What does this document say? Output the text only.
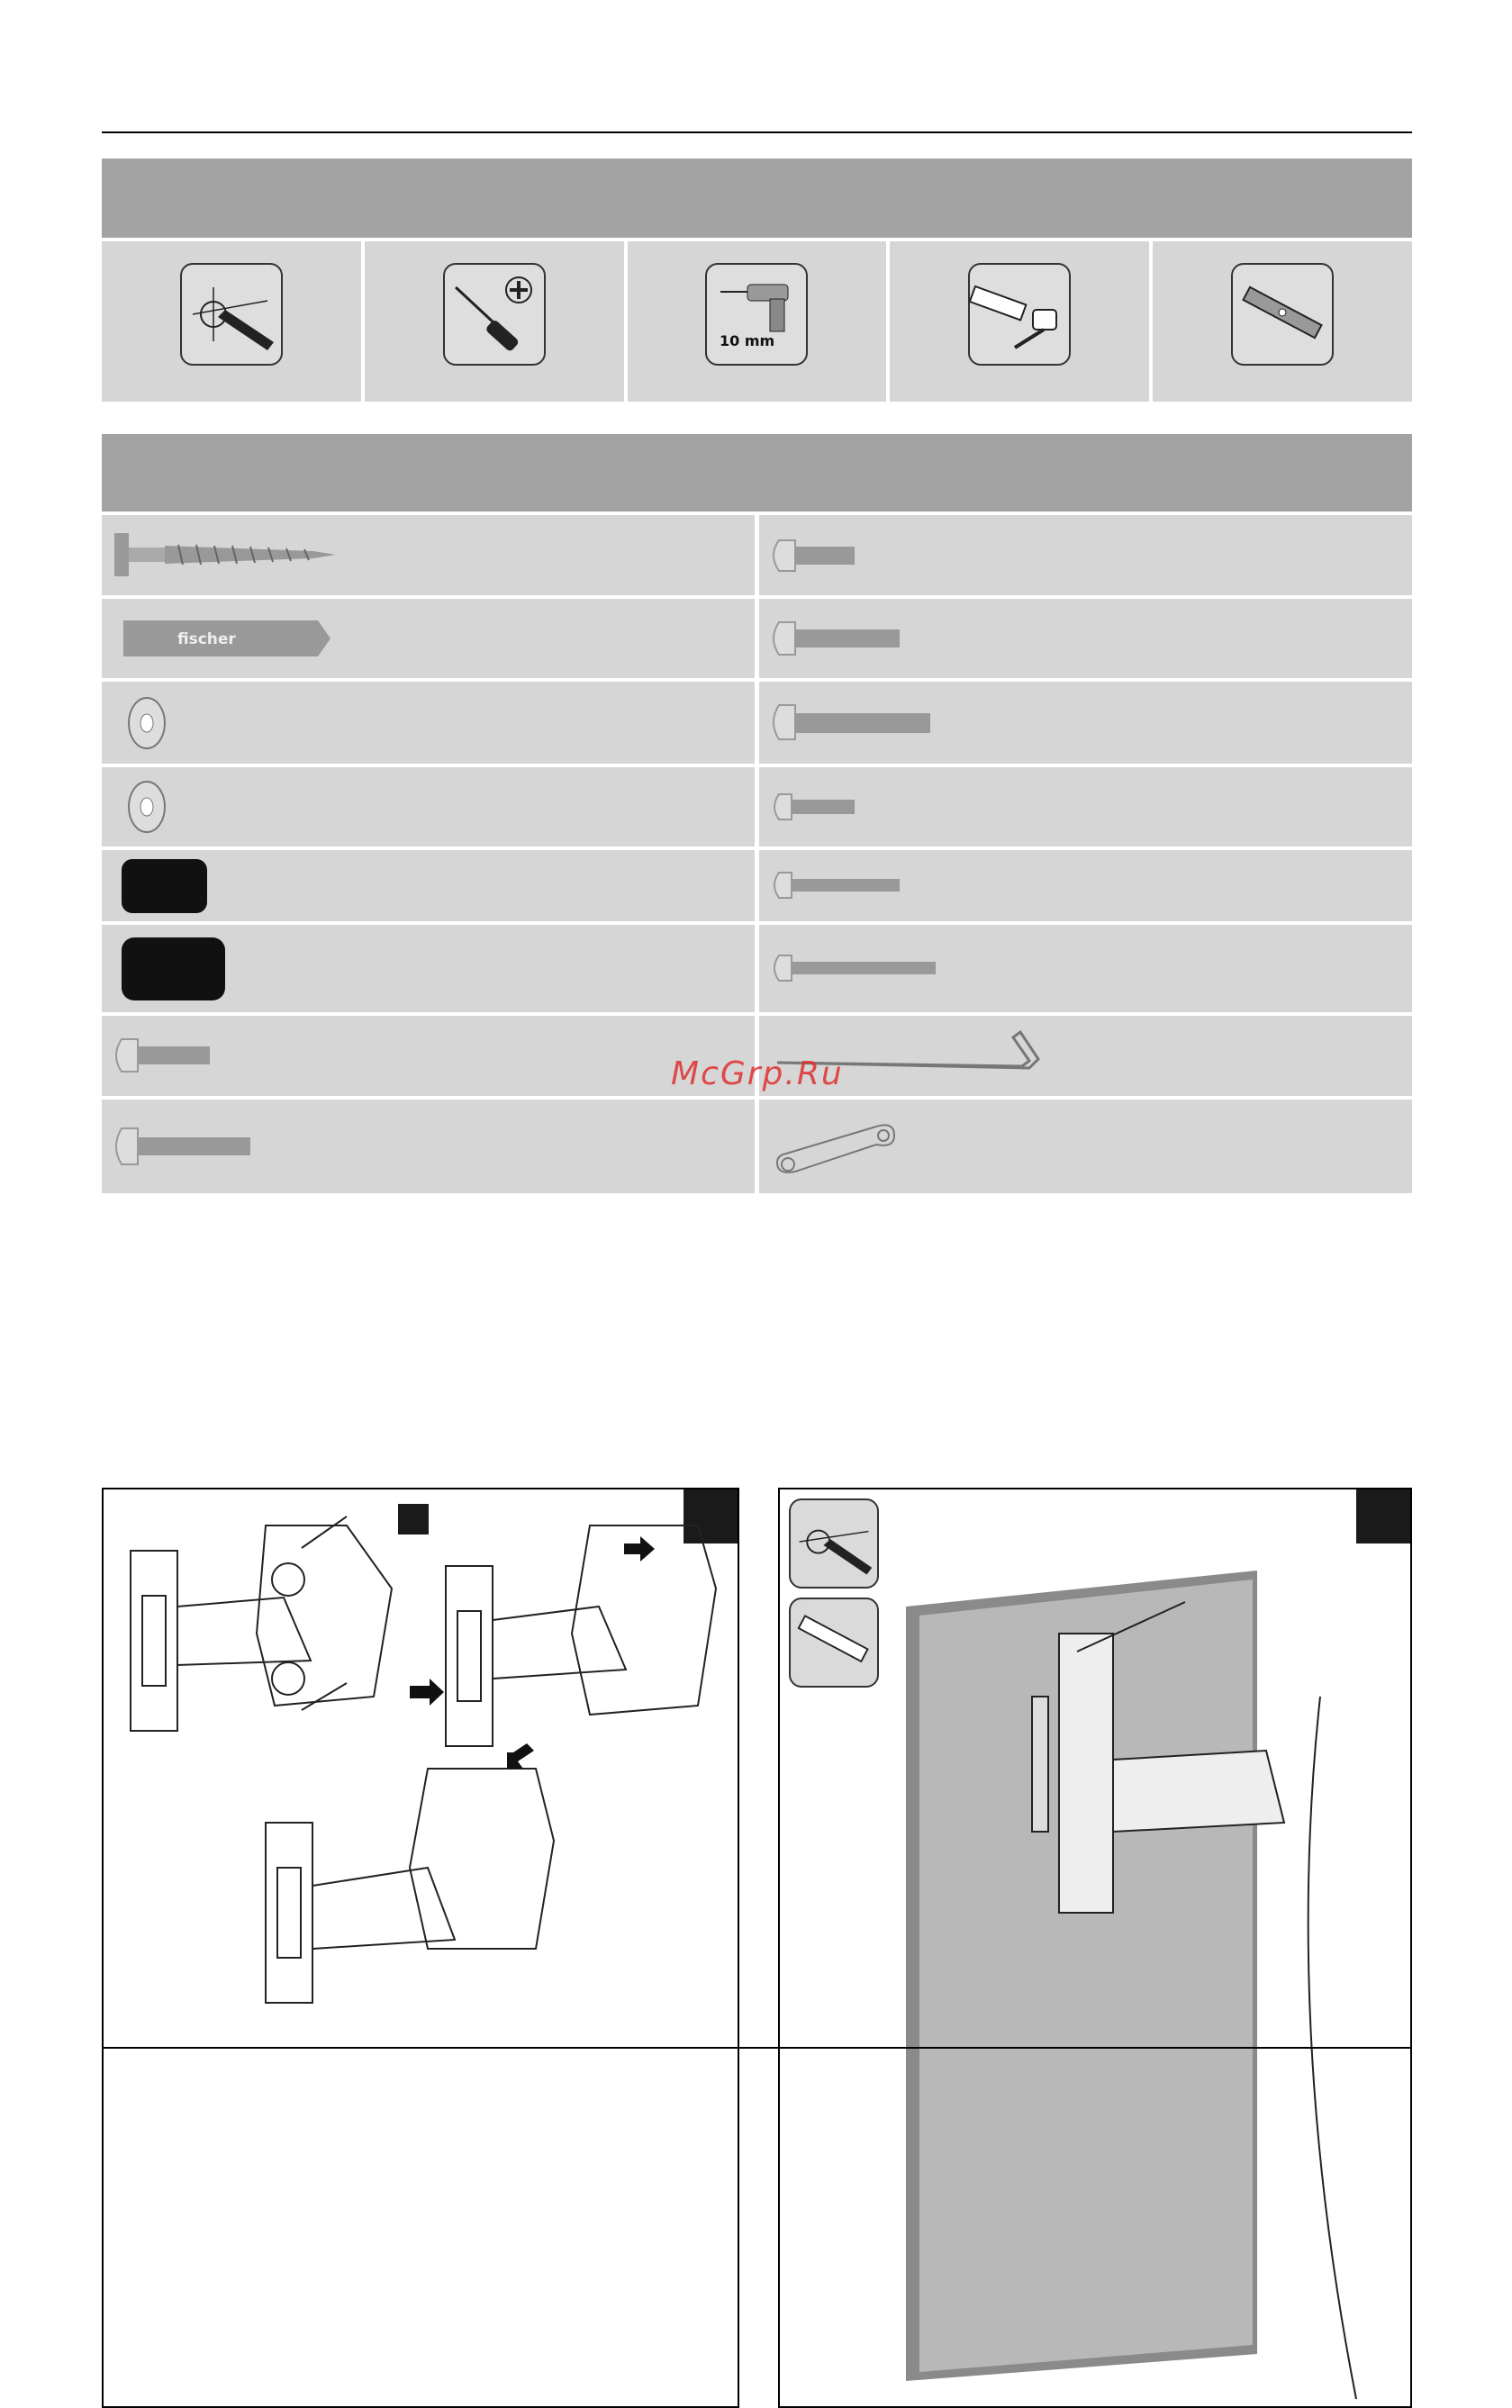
10 mm
fischer
McGrp.Ru
